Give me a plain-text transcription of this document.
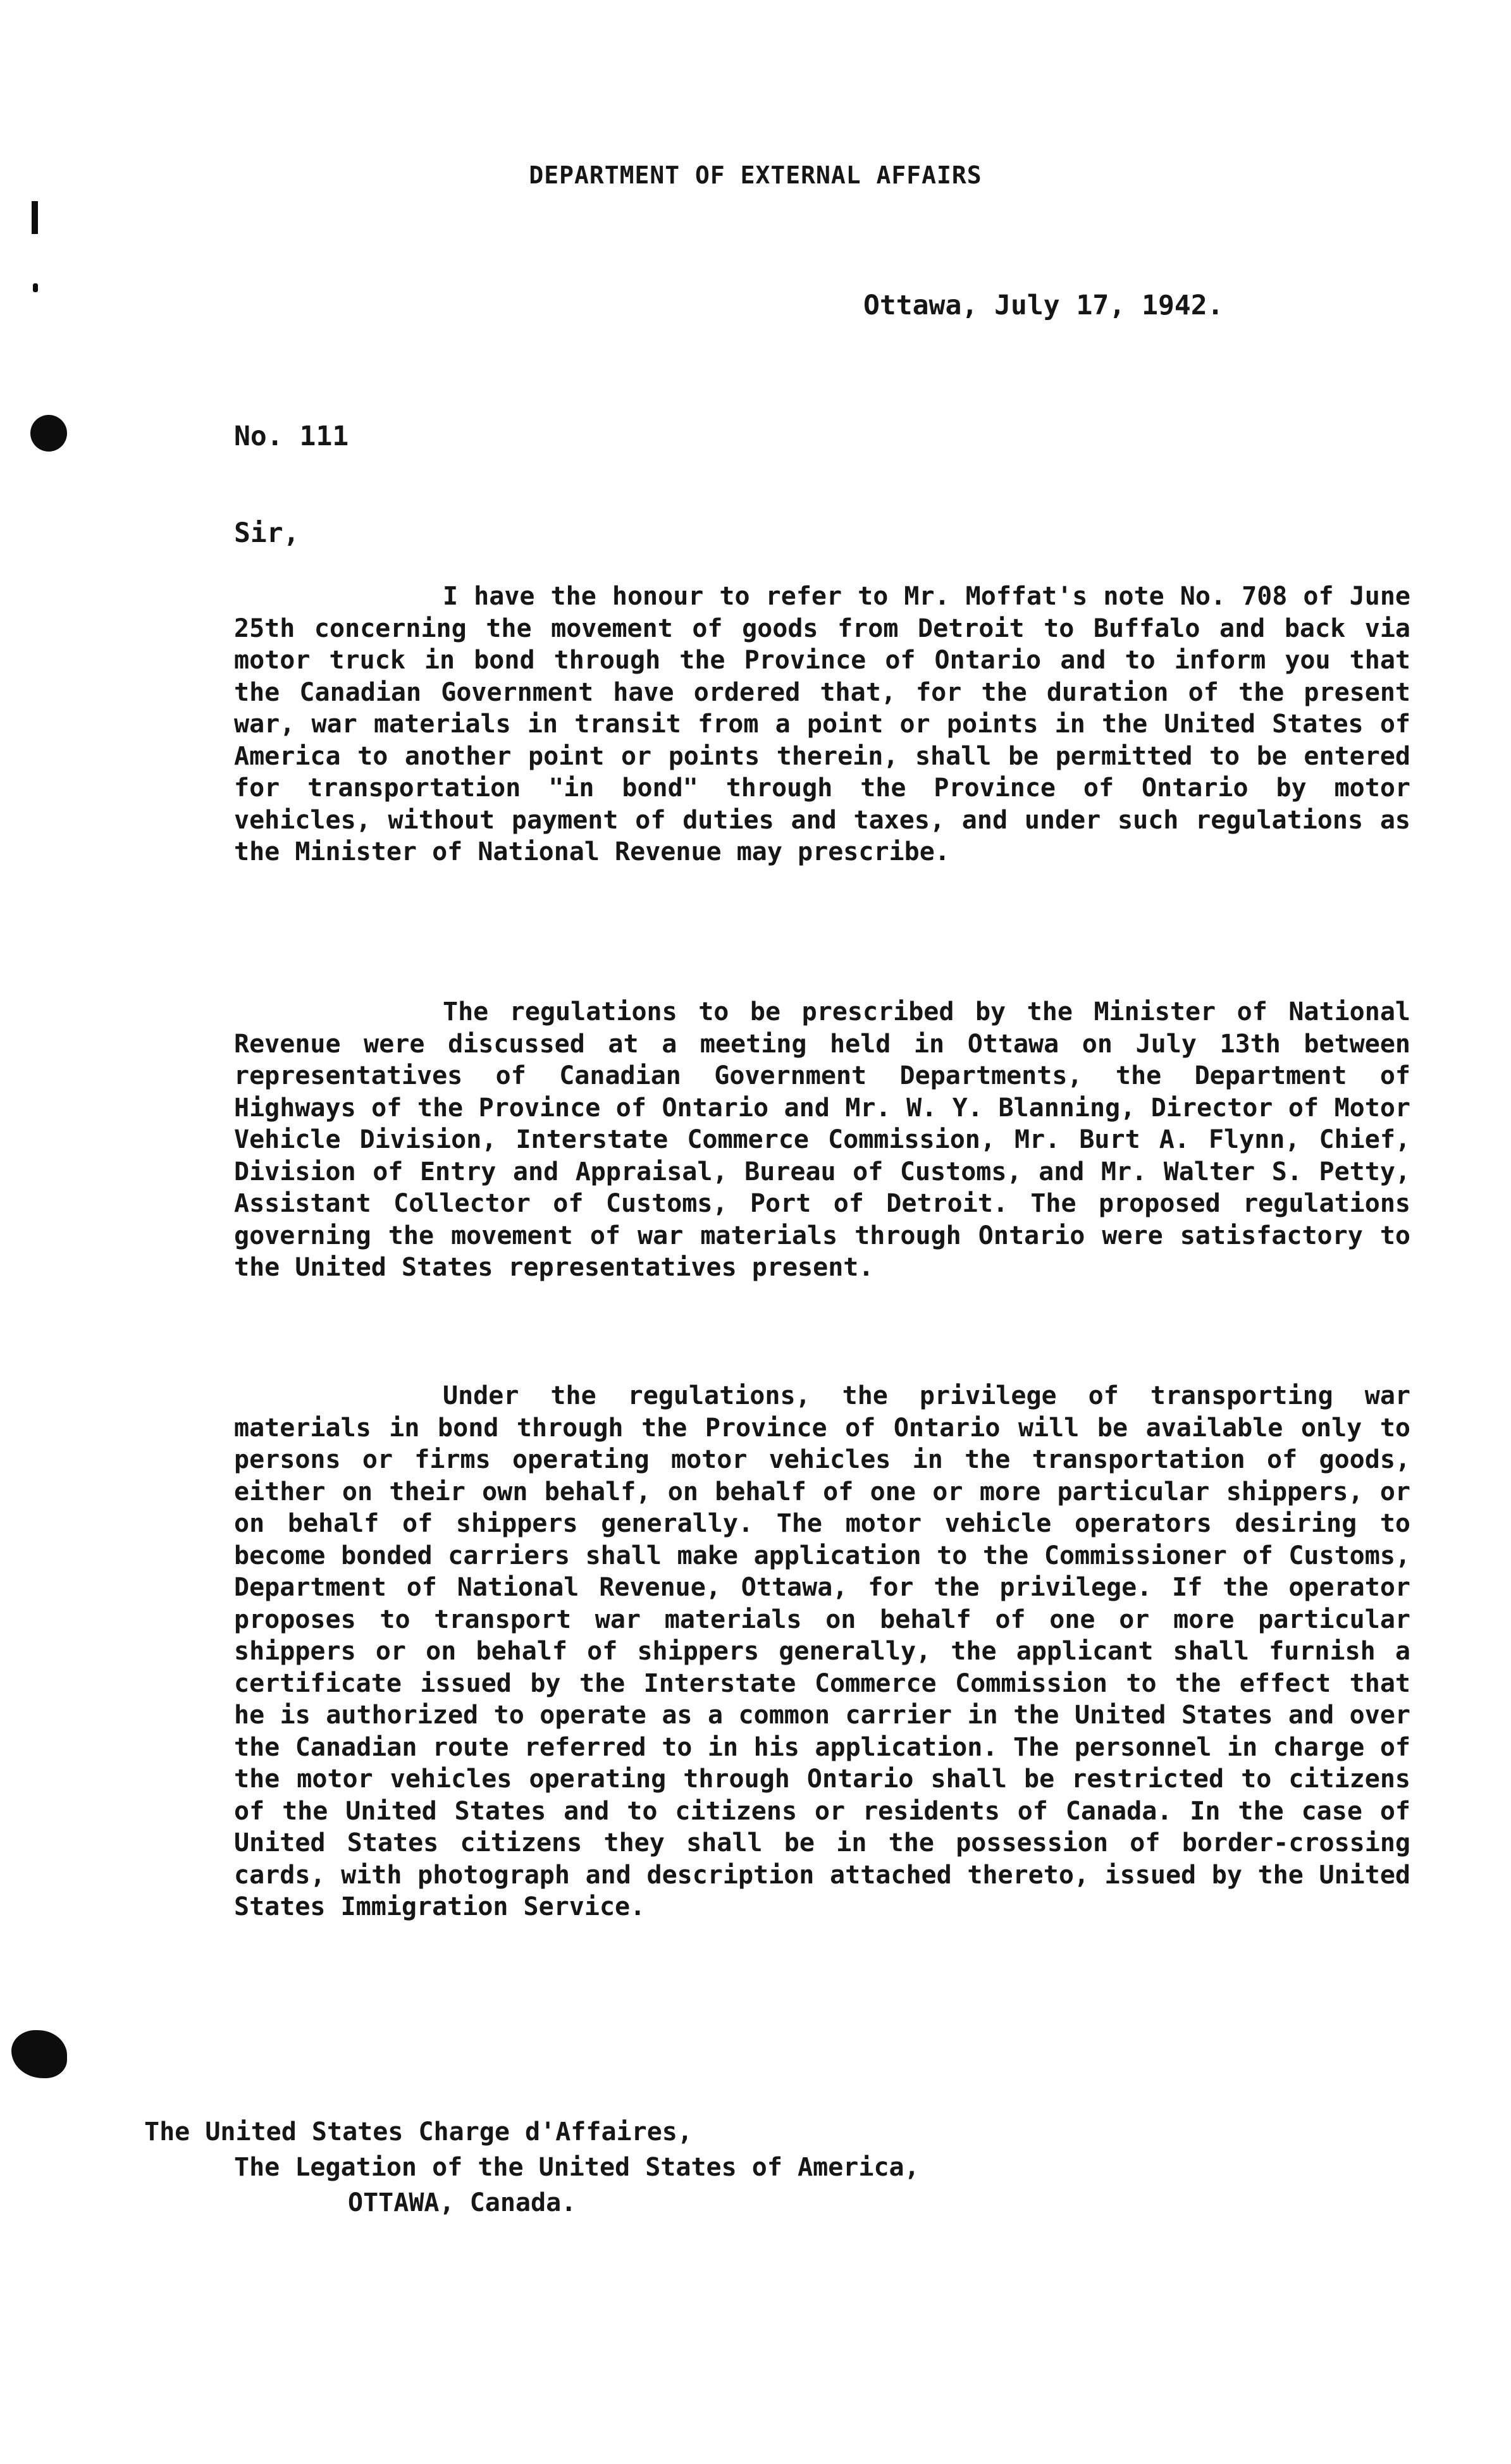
DEPARTMENT OF EXTERNAL AFFAIRS
Ottawa, July 17, 1942.
No. 111
Sir,
I have the honour to refer to Mr. Moffat's note No. 708 of June 25th concerning the movement of goods from Detroit to Buffalo and back via motor truck in bond through the Province of Ontario and to inform you that the Canadian Government have ordered that, for the duration of the present war, war materials in transit from a point or points in the United States of America to another point or points therein, shall be permitted to be entered for transportation "in bond" through the Province of Ontario by motor vehicles, without payment of duties and taxes, and under such regulations as the Minister of National Revenue may prescribe.
The regulations to be prescribed by the Minister of National Revenue were discussed at a meeting held in Ottawa on July 13th between representatives of Canadian Government Departments, the Department of Highways of the Province of Ontario and Mr. W. Y. Blanning, Director of Motor Vehicle Division, Interstate Commerce Commission, Mr. Burt A. Flynn, Chief, Division of Entry and Appraisal, Bureau of Customs, and Mr. Walter S. Petty, Assistant Collector of Customs, Port of Detroit. The proposed regulations governing the movement of war materials through Ontario were satisfactory to the United States representatives present.
Under the regulations, the privilege of transporting war materials in bond through the Province of Ontario will be available only to persons or firms operating motor vehicles in the transportation of goods, either on their own behalf, on behalf of one or more particular shippers, or on behalf of shippers generally. The motor vehicle operators desiring to become bonded carriers shall make application to the Commissioner of Customs, Department of National Revenue, Ottawa, for the privilege. If the operator proposes to transport war materials on behalf of one or more particular shippers or on behalf of shippers generally, the applicant shall furnish a certificate issued by the Interstate Commerce Commission to the effect that he is authorized to operate as a common carrier in the United States and over the Canadian route referred to in his application. The personnel in charge of the motor vehicles operating through Ontario shall be restricted to citizens of the United States and to citizens or residents of Canada. In the case of United States citizens they shall be in the possession of border-crossing cards, with photograph and description attached thereto, issued by the United States Immigration Service.
The United States Charge d'Affaires,
The Legation of the United States of America,
OTTAWA, Canada.
